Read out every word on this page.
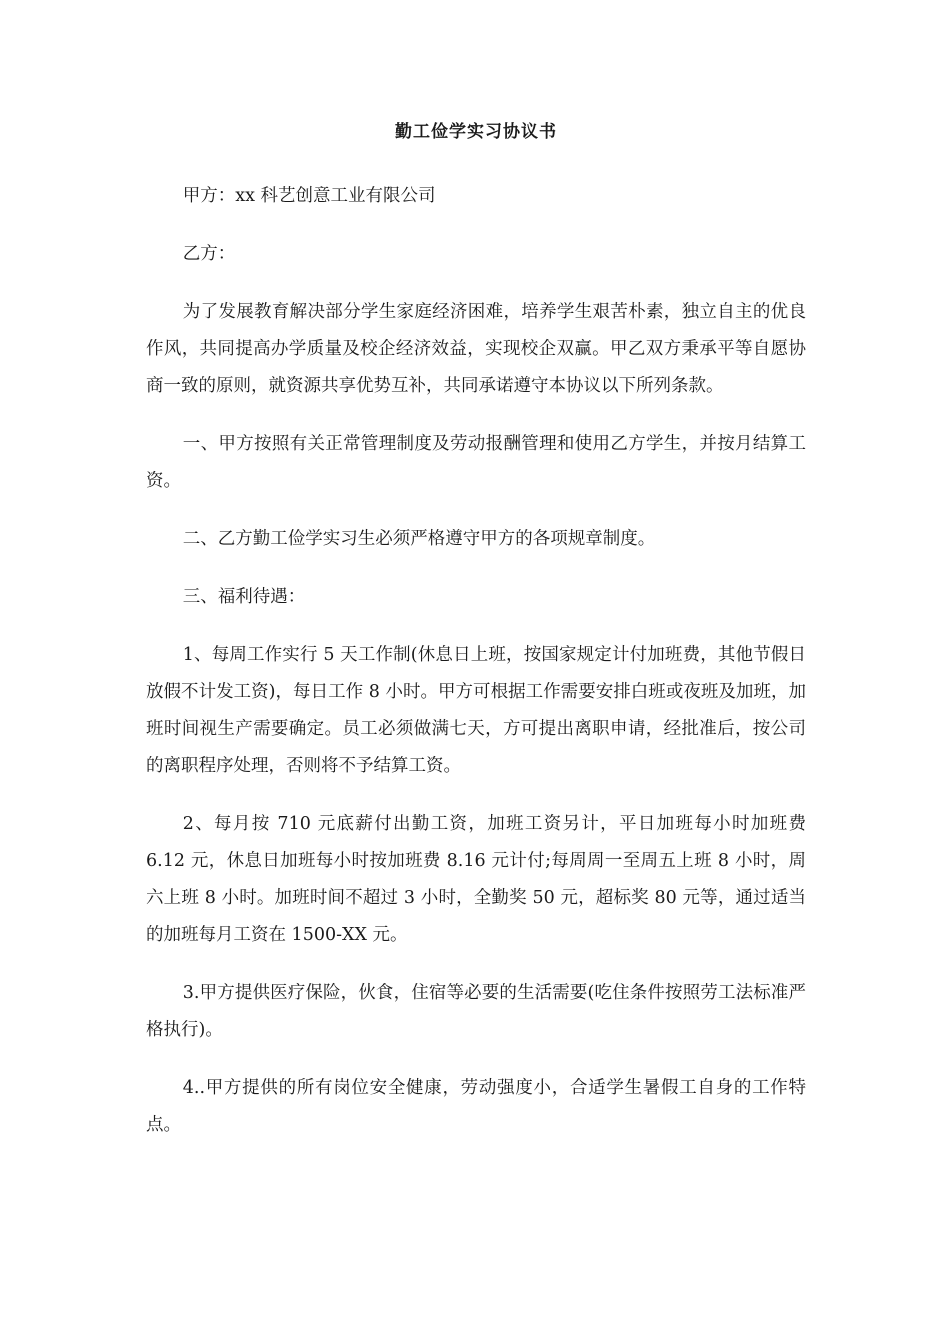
勤工俭学实习协议书

甲方：xx 科艺创意工业有限公司

乙方：

为了发展教育解决部分学生家庭经济困难，培养学生艰苦朴素，独立自主的优良作风，共同提高办学质量及校企经济效益，实现校企双赢。甲乙双方秉承平等自愿协商一致的原则，就资源共享优势互补，共同承诺遵守本协议以下所列条款。

一、甲方按照有关正常管理制度及劳动报酬管理和使用乙方学生，并按月结算工资。

二、乙方勤工俭学实习生必须严格遵守甲方的各项规章制度。

三、福利待遇：

1、每周工作实行 5 天工作制(休息日上班，按国家规定计付加班费，其他节假日放假不计发工资)，每日工作 8 小时。甲方可根据工作需要安排白班或夜班及加班，加班时间视生产需要确定。员工必须做满七天，方可提出离职申请，经批准后，按公司的离职程序处理，否则将不予结算工资。

2、每月按 710 元底薪付出勤工资，加班工资另计，平日加班每小时加班费 6.12 元，休息日加班每小时按加班费 8.16 元计付;每周周一至周五上班 8 小时，周六上班 8 小时。加班时间不超过 3 小时，全勤奖 50 元，超标奖 80 元等，通过适当的加班每月工资在 1500-XX 元。

3.甲方提供医疗保险，伙食，住宿等必要的生活需要(吃住条件按照劳工法标准严格执行)。

4..甲方提供的所有岗位安全健康，劳动强度小，合适学生暑假工自身的工作特点。
